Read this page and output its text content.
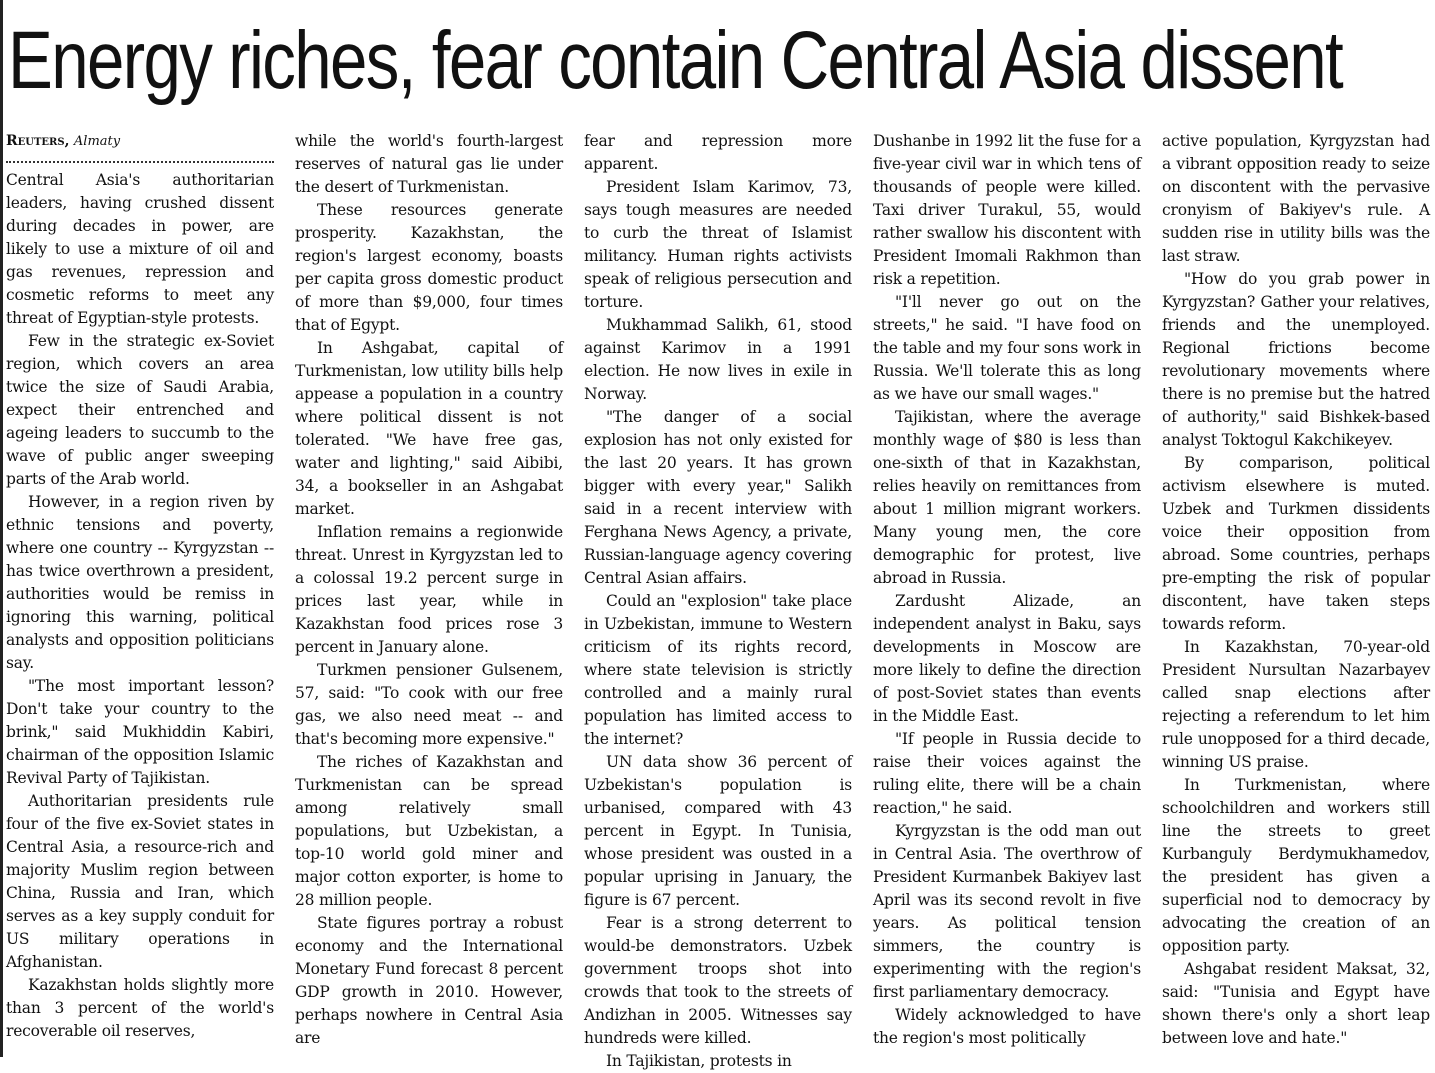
Energy riches, fear contain Central Asia dissent
Reuters, Almaty

Central Asia's authoritarian leaders, having crushed dissent during decades in power, are likely to use a mixture of oil and gas revenues, repression and cosmetic reforms to meet any threat of Egyptian-style protests.

Few in the strategic ex-Soviet region, which covers an area twice the size of Saudi Arabia, expect their entrenched and ageing leaders to succumb to the wave of public anger sweeping parts of the Arab world.

However, in a region riven by ethnic tensions and poverty, where one country -- Kyrgyzstan -- has twice overthrown a president, authorities would be remiss in ignoring this warning, political analysts and opposition politicians say.

"The most important lesson? Don't take your country to the brink," said Mukhiddin Kabiri, chairman of the opposition Islamic Revival Party of Tajikistan.

Authoritarian presidents rule four of the five ex-Soviet states in Central Asia, a resource-rich and majority Muslim region between China, Russia and Iran, which serves as a key supply conduit for US military operations in Afghanistan.

Kazakhstan holds slightly more than 3 percent of the world's recoverable oil reserves,

while the world's fourth-largest reserves of natural gas lie under the desert of Turkmenistan.

These resources generate prosperity. Kazakhstan, the region's largest economy, boasts per capita gross domestic product of more than $9,000, four times that of Egypt.

In Ashgabat, capital of Turkmenistan, low utility bills help appease a population in a country where political dissent is not tolerated. "We have free gas, water and lighting," said Aibibi, 34, a bookseller in an Ashgabat market.

Inflation remains a regionwide threat. Unrest in Kyrgyzstan led to a colossal 19.2 percent surge in prices last year, while in Kazakhstan food prices rose 3 percent in January alone.

Turkmen pensioner Gulsenem, 57, said: "To cook with our free gas, we also need meat -- and that's becoming more expensive."

The riches of Kazakhstan and Turkmenistan can be spread among relatively small populations, but Uzbekistan, a top-10 world gold miner and major cotton exporter, is home to 28 million people.

State figures portray a robust economy and the International Monetary Fund forecast 8 percent GDP growth in 2010. However, perhaps nowhere in Central Asia are

fear and repression more apparent.

President Islam Karimov, 73, says tough measures are needed to curb the threat of Islamist militancy. Human rights activists speak of religious persecution and torture.

Mukhammad Salikh, 61, stood against Karimov in a 1991 election. He now lives in exile in Norway.

"The danger of a social explosion has not only existed for the last 20 years. It has grown bigger with every year," Salikh said in a recent interview with Ferghana News Agency, a private, Russian-language agency covering Central Asian affairs.

Could an "explosion" take place in Uzbekistan, immune to Western criticism of its rights record, where state television is strictly controlled and a mainly rural population has limited access to the internet?

UN data show 36 percent of Uzbekistan's population is urbanised, compared with 43 percent in Egypt. In Tunisia, whose president was ousted in a popular uprising in January, the figure is 67 percent.

Fear is a strong deterrent to would-be demonstrators. Uzbek government troops shot into crowds that took to the streets of Andizhan in 2005. Witnesses say hundreds were killed.

In Tajikistan, protests in

Dushanbe in 1992 lit the fuse for a five-year civil war in which tens of thousands of people were killed. Taxi driver Turakul, 55, would rather swallow his discontent with President Imomali Rakhmon than risk a repetition.

"I'll never go out on the streets," he said. "I have food on the table and my four sons work in Russia. We'll tolerate this as long as we have our small wages."

Tajikistan, where the average monthly wage of $80 is less than one-sixth of that in Kazakhstan, relies heavily on remittances from about 1 million migrant workers. Many young men, the core demographic for protest, live abroad in Russia.

Zardusht Alizade, an independent analyst in Baku, says developments in Moscow are more likely to define the direction of post-Soviet states than events in the Middle East.

"If people in Russia decide to raise their voices against the ruling elite, there will be a chain reaction," he said.

Kyrgyzstan is the odd man out in Central Asia. The overthrow of President Kurmanbek Bakiyev last April was its second revolt in five years. As political tension simmers, the country is experimenting with the region's first parliamentary democracy.

Widely acknowledged to have the region's most politically

active population, Kyrgyzstan had a vibrant opposition ready to seize on discontent with the pervasive cronyism of Bakiyev's rule. A sudden rise in utility bills was the last straw.

"How do you grab power in Kyrgyzstan? Gather your relatives, friends and the unemployed. Regional frictions become revolutionary movements where there is no premise but the hatred of authority," said Bishkek-based analyst Toktogul Kakchikeyev.

By comparison, political activism elsewhere is muted. Uzbek and Turkmen dissidents voice their opposition from abroad. Some countries, perhaps pre-empting the risk of popular discontent, have taken steps towards reform.

In Kazakhstan, 70-year-old President Nursultan Nazarbayev called snap elections after rejecting a referendum to let him rule unopposed for a third decade, winning US praise.

In Turkmenistan, where schoolchildren and workers still line the streets to greet Kurbanguly Berdymukhamedov, the president has given a superficial nod to democracy by advocating the creation of an opposition party.

Ashgabat resident Maksat, 32, said: "Tunisia and Egypt have shown there's only a short leap between love and hate."
